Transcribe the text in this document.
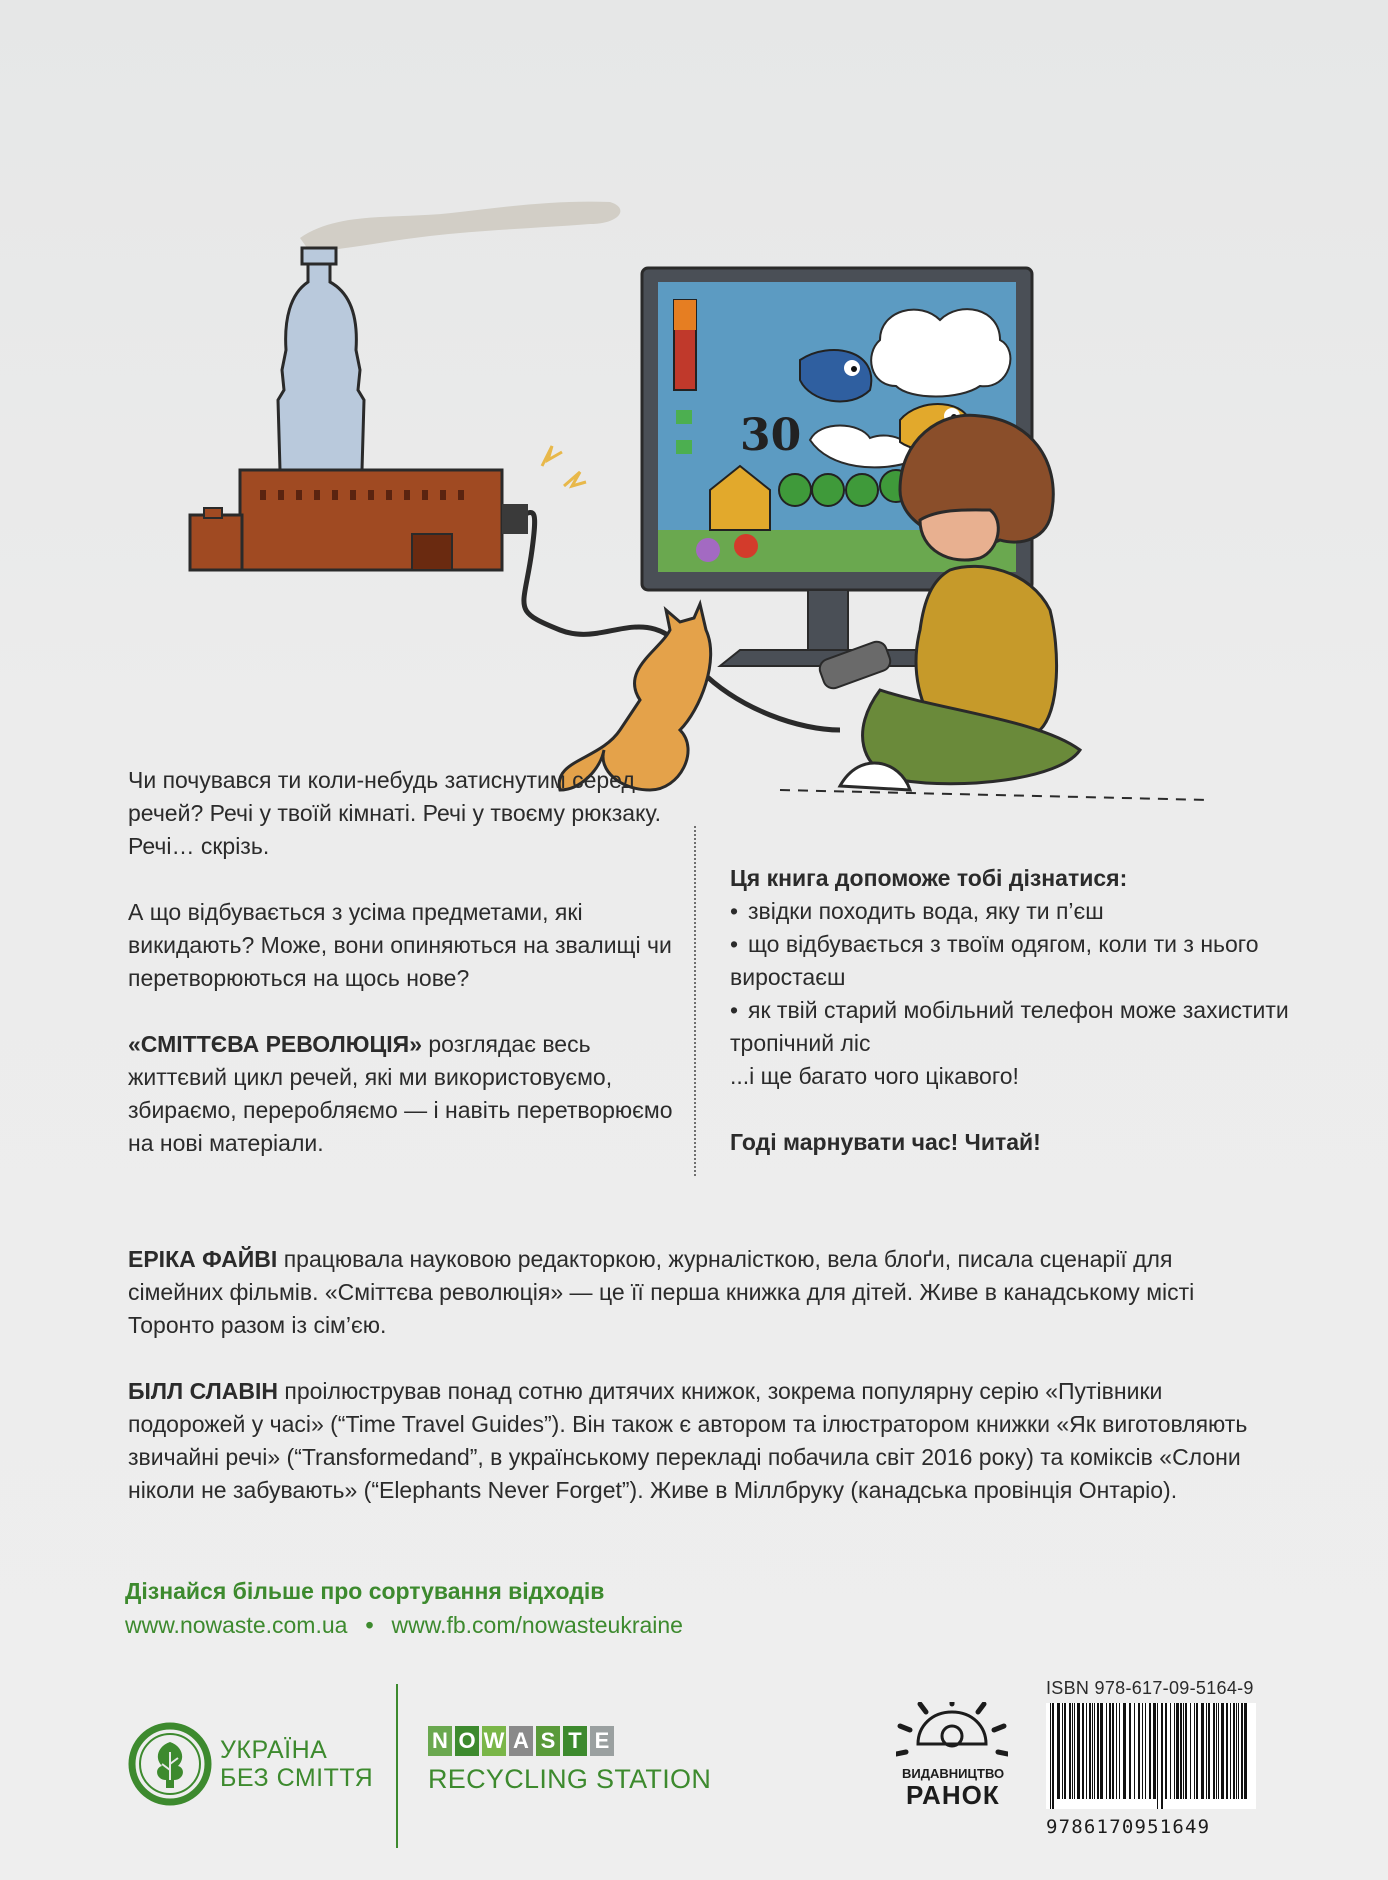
30

Чи почувався ти коли-небудь затиснутим серед речей? Речі у твоїй кімнаті. Речі у твоєму рюкзаку. Речі… скрізь.

А що відбувається з усіма предметами, які викидають? Може, вони опиняються на звалищі чи перетворюються на щось нове?

«СМІТТЄВА РЕВОЛЮЦІЯ» розглядає весь життєвий цикл речей, які ми використовуємо, збираємо, переробляємо — і навіть перетворюємо на нові матеріали.

Ця книга допоможе тобі дізнатися:

• звідки походить вода, яку ти п’єш
• що відбувається з твоїм одягом, коли ти з нього виростаєш
• як твій старий мобільний телефон може захистити тропічний ліс

...і ще багато чого цікавого!

Годі марнувати час! Читай!

ЕРІКА ФАЙВІ працювала науковою редакторкою, журналісткою, вела блоґи, писала сценарії для сімейних фільмів. «Сміттєва революція» — це її перша книжка для дітей. Живе в канадському місті Торонто разом із сім’єю.

БІЛЛ СЛАВІН проілюстрував понад сотню дитячих книжок, зокрема популярну серію «Путівники подорожей у часі» (“Time Travel Guides”). Він також є автором та ілюстратором книжки «Як виготовляють звичайні речі» (“Transformedand”, в українському перекладі побачила світ 2016 року) та коміксів «Слони ніколи не забувають» (“Elephants Never Forget”). Живе в Міллбруку (канадська провінція Онтаріо).

Дізнайся більше про сортування відходів
www.nowaste.com.ua • www.fb.com/nowasteukraine
УКРАЇНА
БЕЗ СМІТТЯ
N O W A S T E
RECYCLING STATION	ВИДАВНИЦТВО
РАНОК
ISBN 978-617-09-5164-9
9786170951649
